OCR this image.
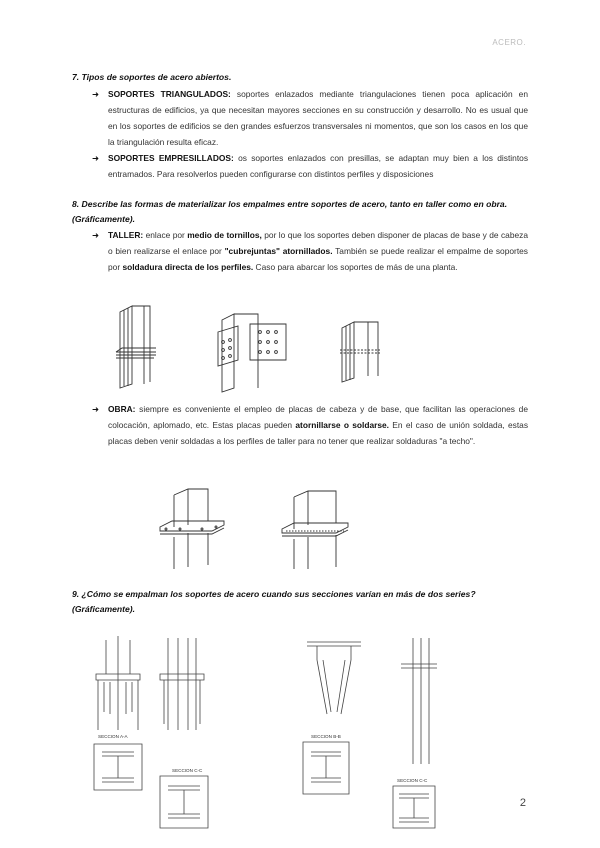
ACERO.
7. Tipos de soportes de acero abiertos.
➜	SOPORTES TRIANGULADOS: soportes enlazados mediante triangulaciones tienen poca aplicación en estructuras de edificios, ya que necesitan mayores secciones en su construcción y desarrollo. No es usual que en los soportes de edificios se den grandes esfuerzos transversales ni momentos, que son los casos en los que la triangulación resulta eficaz.
➜	SOPORTES EMPRESILLADOS: os soportes enlazados con presillas, se adaptan muy bien a los distintos entramados. Para resolverlos pueden configurarse con distintos perfiles y disposiciones
8. Describe las formas de materializar los empalmes entre soportes de acero, tanto en taller como en obra. (Gráficamente).
➜	TALLER: enlace por medio de tornillos, por lo que los soportes deben disponer de placas de base y de cabeza o bien realizarse el enlace por "cubrejuntas" atornillados. También se puede realizar el empalme de soportes por soldadura directa de los perfiles. Caso para abarcar los soportes de más de una planta.
➜	OBRA: siempre es conveniente el empleo de placas de cabeza y de base, que facilitan las operaciones de colocación, aplomado, etc. Estas placas pueden atornillarse o soldarse. En el caso de unión soldada, estas placas deben venir soldadas a los perfiles de taller para no tener que realizar soldaduras "a techo".
9. ¿Cómo se empalman los soportes de acero cuando sus secciones varían en más de dos series? (Gráficamente).
SECCION A-A
SECCION C-C
SECCION B-B
SECCION C-C
2
